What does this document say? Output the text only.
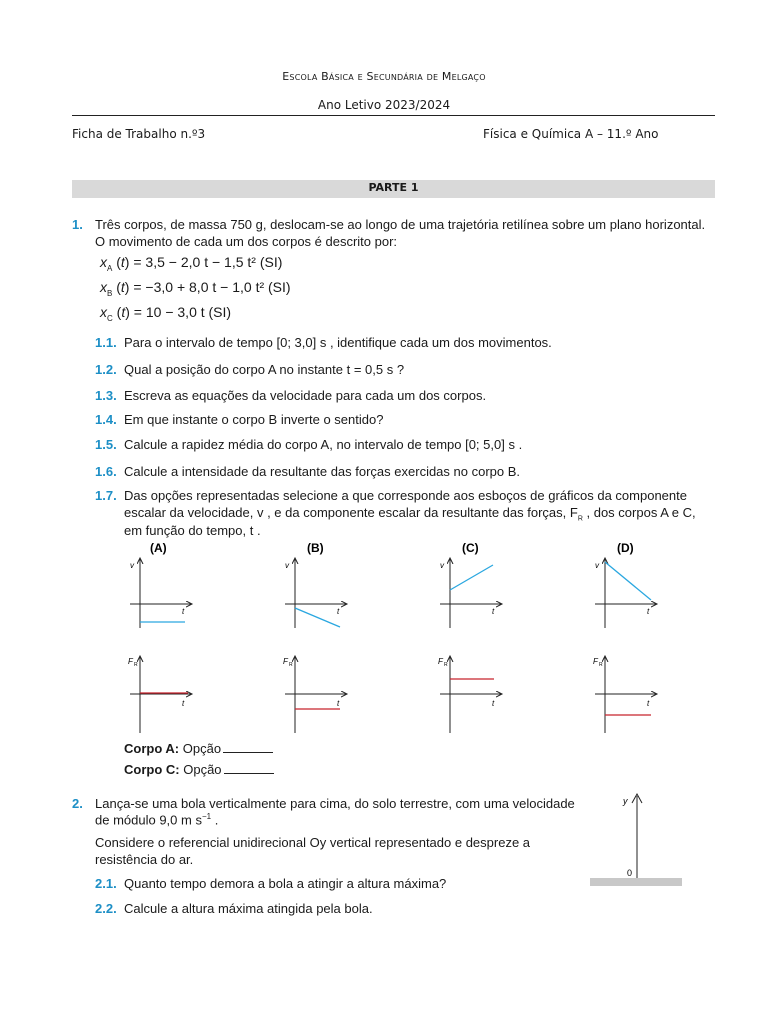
Escola Básica e Secundária de Melgaço
Ano Letivo 2023/2024
Ficha de Trabalho n.º3	Física e Química A – 11.º Ano
PARTE 1
1. Três corpos, de massa 750 g, deslocam-se ao longo de uma trajetória retilínea sobre um plano horizontal.
O movimento de cada um dos corpos é descrito por:
$x_A$ (t) = 3,5 − 2,0 t − 1,5 t² (SI)
$x_B$ (t) = −3,0 + 8,0 t − 1,0 t² (SI)
$x_C$ (t) = 10 − 3,0 t (SI)
1.1. Para o intervalo de tempo [0; 3,0] s , identifique cada um dos movimentos.
1.2. Qual a posição do corpo A no instante t = 0,5 s ?
1.3. Escreva as equações da velocidade para cada um dos corpos.
1.4. Em que instante o corpo B inverte o sentido?
1.5. Calcule a rapidez média do corpo A, no intervalo de tempo [0; 5,0] s .
1.6. Calcule a intensidade da resultante das forças exercidas no corpo B.
1.7. Das opções representadas selecione a que corresponde aos esboços de gráficos da componente
escalar da velocidade, v , e da componente escalar da resultante das forças, $F_R$ , dos corpos A e C,
em função do tempo, t .
(A)
v
t
F R
t
(B)
v
t
F R
t
(C)
v
t
F R
t
(D)
v
t
F R
t
Corpo A: Opção
Corpo C: Opção
2. Lança-se uma bola verticalmente para cima, do solo terrestre, com uma velocidade
de módulo 9,0 m $s^{-1}$ .
Considere o referencial unidirecional Oy vertical representado e despreze a
resistência do ar.
2.1. Quanto tempo demora a bola a atingir a altura máxima?
2.2. Calcule a altura máxima atingida pela bola.
y
0
